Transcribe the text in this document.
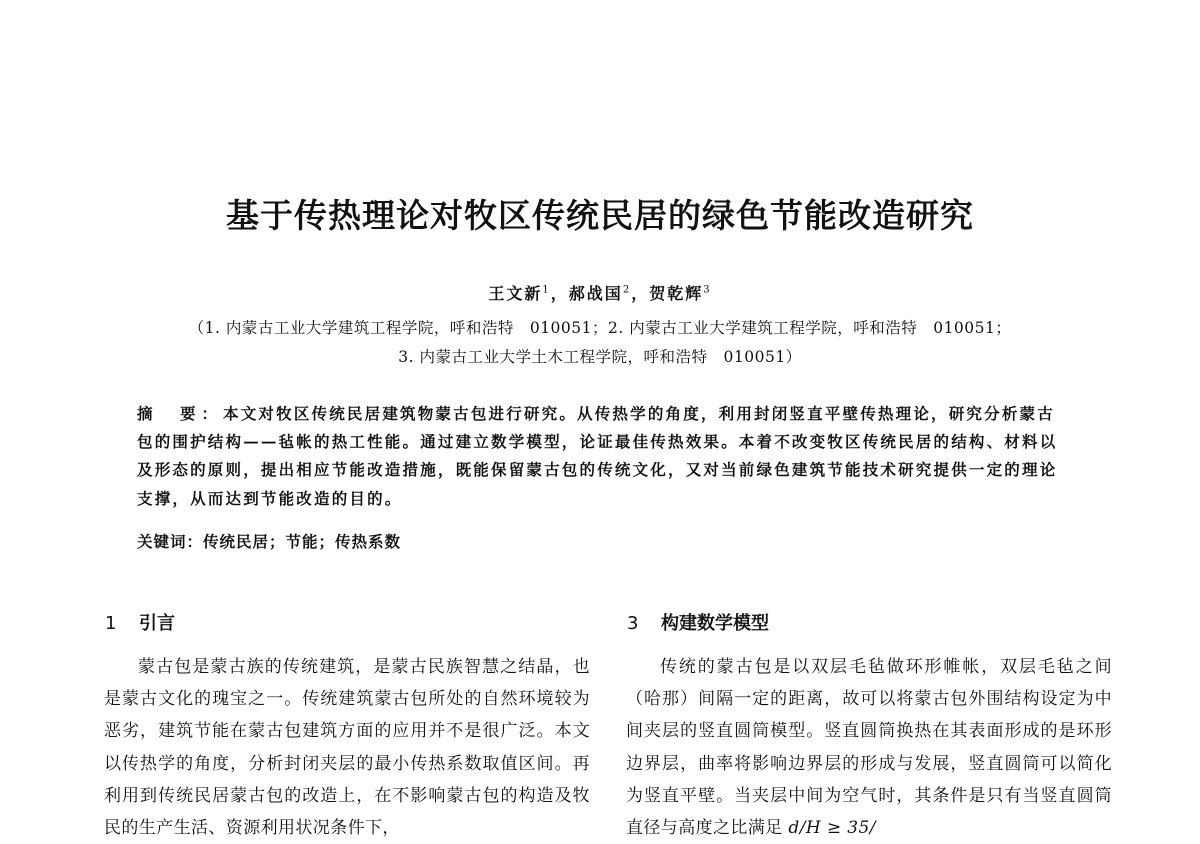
基于传热理论对牧区传统民居的绿色节能改造研究
王文新$^1$，郝战国$^2$，贺乾辉$^3$
（1. 内蒙古工业大学建筑工程学院，呼和浩特　010051；2. 内蒙古工业大学建筑工程学院，呼和浩特　010051；
3. 内蒙古工业大学土木工程学院，呼和浩特　010051）
摘　要：本文对牧区传统民居建筑物蒙古包进行研究。从传热学的角度，利用封闭竖直平壁传热理论，研究分析蒙古包的围护结构——毡帐的热工性能。通过建立数学模型，论证最佳传热效果。本着不改变牧区传统民居的结构、材料以及形态的原则，提出相应节能改造措施，既能保留蒙古包的传统文化，又对当前绿色建筑节能技术研究提供一定的理论支撑，从而达到节能改造的目的。
关键词：传统民居；节能；传热系数
1 引言	3 构建数学模型

蒙古包是蒙古族的传统建筑，是蒙古民族智慧之结晶，也是蒙古文化的瑰宝之一。传统建筑蒙古包所处的自然环境较为恶劣，建筑节能在蒙古包建筑方面的应用并不是很广泛。本文以传热学的角度，分析封闭夹层的最小传热系数取值区间。再利用到传统民居蒙古包的改造上，在不影响蒙古包的构造及牧民的生产生活、资源利用状况条件下，

传统的蒙古包是以双层毛毡做环形帷帐，双层毛毡之间（哈那）间隔一定的距离，故可以将蒙古包外围结构设定为中间夹层的竖直圆筒模型。竖直圆筒换热在其表面形成的是环形边界层，曲率将影响边界层的形成与发展，竖直圆筒可以简化为竖直平壁。当夹层中间为空气时，其条件是只有当竖直圆筒直径与高度之比满足 d/H ≥ 35/
